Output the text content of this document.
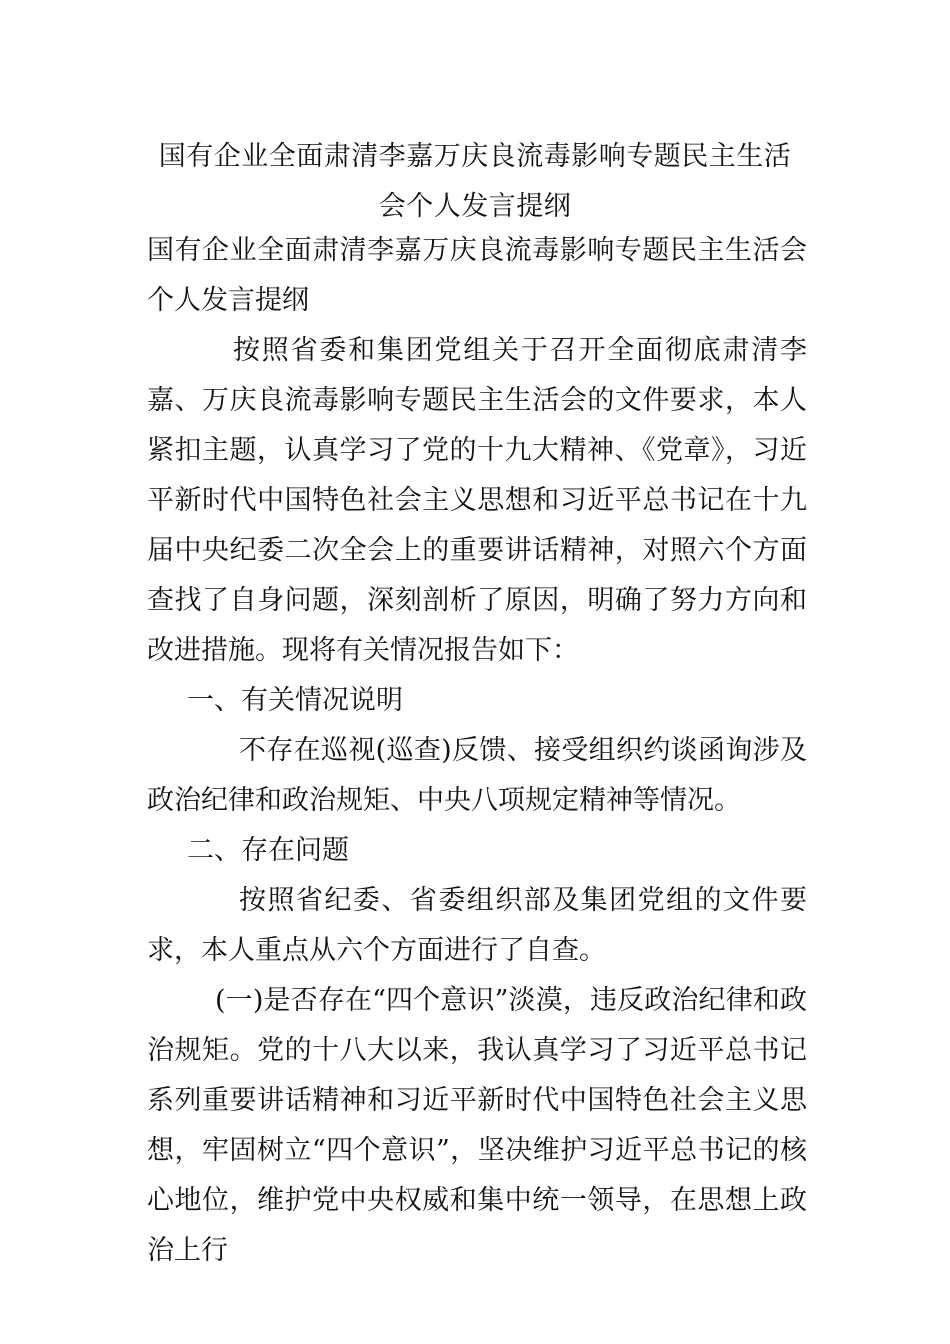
国有企业全面肃清李嘉万庆良流毒影响专题民主生活会个人发言提纲

国有企业全面肃清李嘉万庆良流毒影响专题民主生活会个人发言提纲

按照省委和集团党组关于召开全面彻底肃清李嘉、万庆良流毒影响专题民主生活会的文件要求，本人紧扣主题，认真学习了党的十九大精神、《党章》，习近平新时代中国特色社会主义思想和习近平总书记在十九届中央纪委二次全会上的重要讲话精神，对照六个方面查找了自身问题，深刻剖析了原因，明确了努力方向和改进措施。现将有关情况报告如下：

一、有关情况说明

不存在巡视(巡查)反馈、接受组织约谈函询涉及政治纪律和政治规矩、中央八项规定精神等情况。

二、存在问题

按照省纪委、省委组织部及集团党组的文件要求，本人重点从六个方面进行了自查。

(一)是否存在“四个意识”淡漠，违反政治纪律和政治规矩。党的十八大以来，我认真学习了习近平总书记系列重要讲话精神和习近平新时代中国特色社会主义思想，牢固树立“四个意识”，坚决维护习近平总书记的核心地位，维护党中央权威和集中统一领导，在思想上政治上行
